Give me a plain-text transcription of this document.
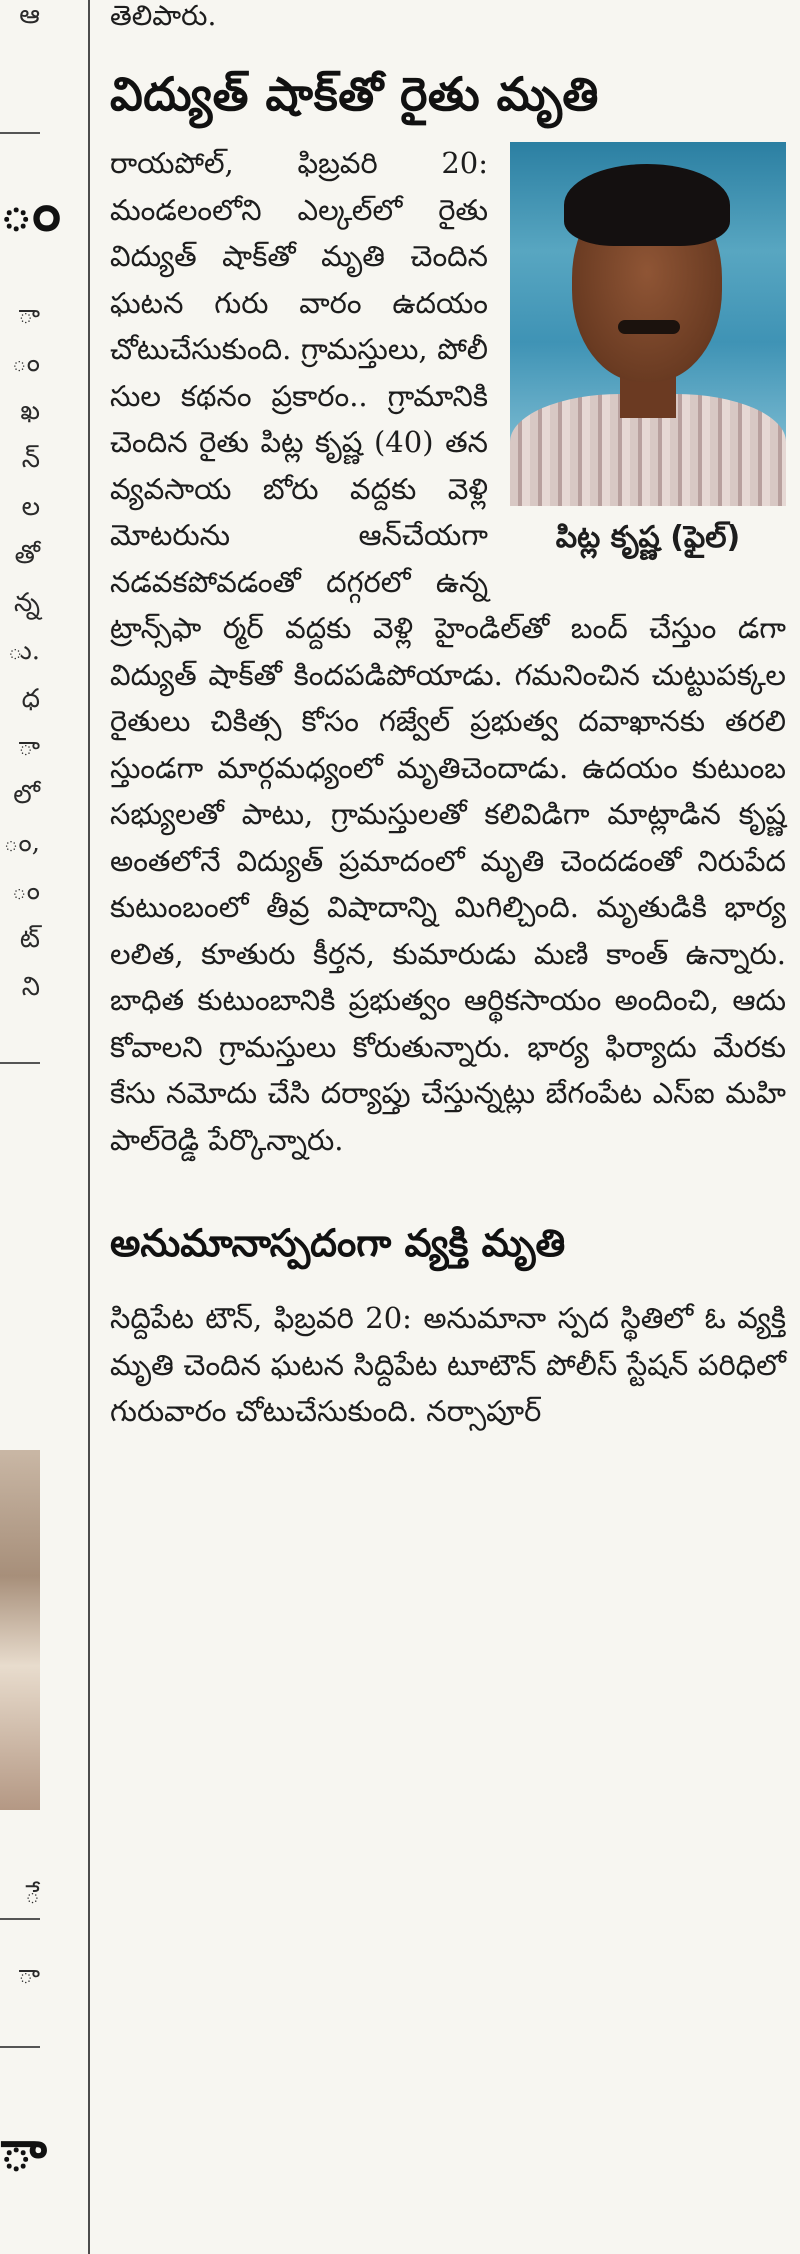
ఆ
ం
ా
ం
ఖ
న్
ల
తో
న్న
ు.
ధ
ా
లో
ం,
ం
ట్
ని
ే
ా
ా
తెలిపారు.
విద్యుత్ షాక్‌తో రైతు మృతి
పిట్ల కృష్ణ (ఫైల్)

రాయపోల్, ఫిబ్రవరి 20: మండలంలోని ఎల్కల్‌లో రైతు విద్యుత్ షాక్‌తో మృతి చెందిన ఘటన గురు వారం ఉదయం చోటుచేసుకుంది. గ్రామస్తులు, పోలీ సుల కథనం ప్రకారం.. గ్రామానికి చెందిన రైతు పిట్ల కృష్ణ (40) తన వ్యవసాయ బోరు వద్దకు వెళ్లి మోటరును ఆన్‌చేయగా నడవకపోవడంతో దగ్గరలో ఉన్న ట్రాన్స్‌ఫా ర్మర్ వద్దకు వెళ్లి హైండిల్‌తో బంద్ చేస్తుం డగా విద్యుత్ షాక్‌తో కిందపడిపోయాడు. గమనించిన చుట్టుపక్కల రైతులు చికిత్స కోసం గజ్వేల్ ప్రభుత్వ దవాఖానకు తరలి స్తుండగా మార్గమధ్యంలో మృతిచెందాడు. ఉదయం కుటుంబ సభ్యులతో పాటు, గ్రామస్తులతో కలివిడిగా మాట్లాడిన కృష్ణ అంతలోనే విద్యుత్ ప్రమాదంలో మృతి చెందడంతో నిరుపేద కుటుంబంలో తీవ్ర విషాదాన్ని మిగిల్చింది. మృతుడికి భార్య లలిత, కూతురు కీర్తన, కుమారుడు మణి కాంత్ ఉన్నారు. బాధిత కుటుంబానికి ప్రభుత్వం ఆర్థికసాయం అందించి, ఆదు కోవాలని గ్రామస్తులు కోరుతున్నారు. భార్య ఫిర్యాదు మేరకు కేసు నమోదు చేసి దర్యాప్తు చేస్తున్నట్లు బేగంపేట ఎస్‌ఐ మహి పాల్‌రెడ్డి పేర్కొన్నారు.

అనుమానాస్పదంగా వ్యక్తి మృతి

సిద్దిపేట టౌన్, ఫిబ్రవరి 20: అనుమానా స్పద స్థితిలో ఓ వ్యక్తి మృతి చెందిన ఘటన సిద్దిపేట టూటౌన్ పోలీస్ స్టేషన్ పరిధిలో గురువారం చోటుచేసుకుంది. నర్సాపూర్
